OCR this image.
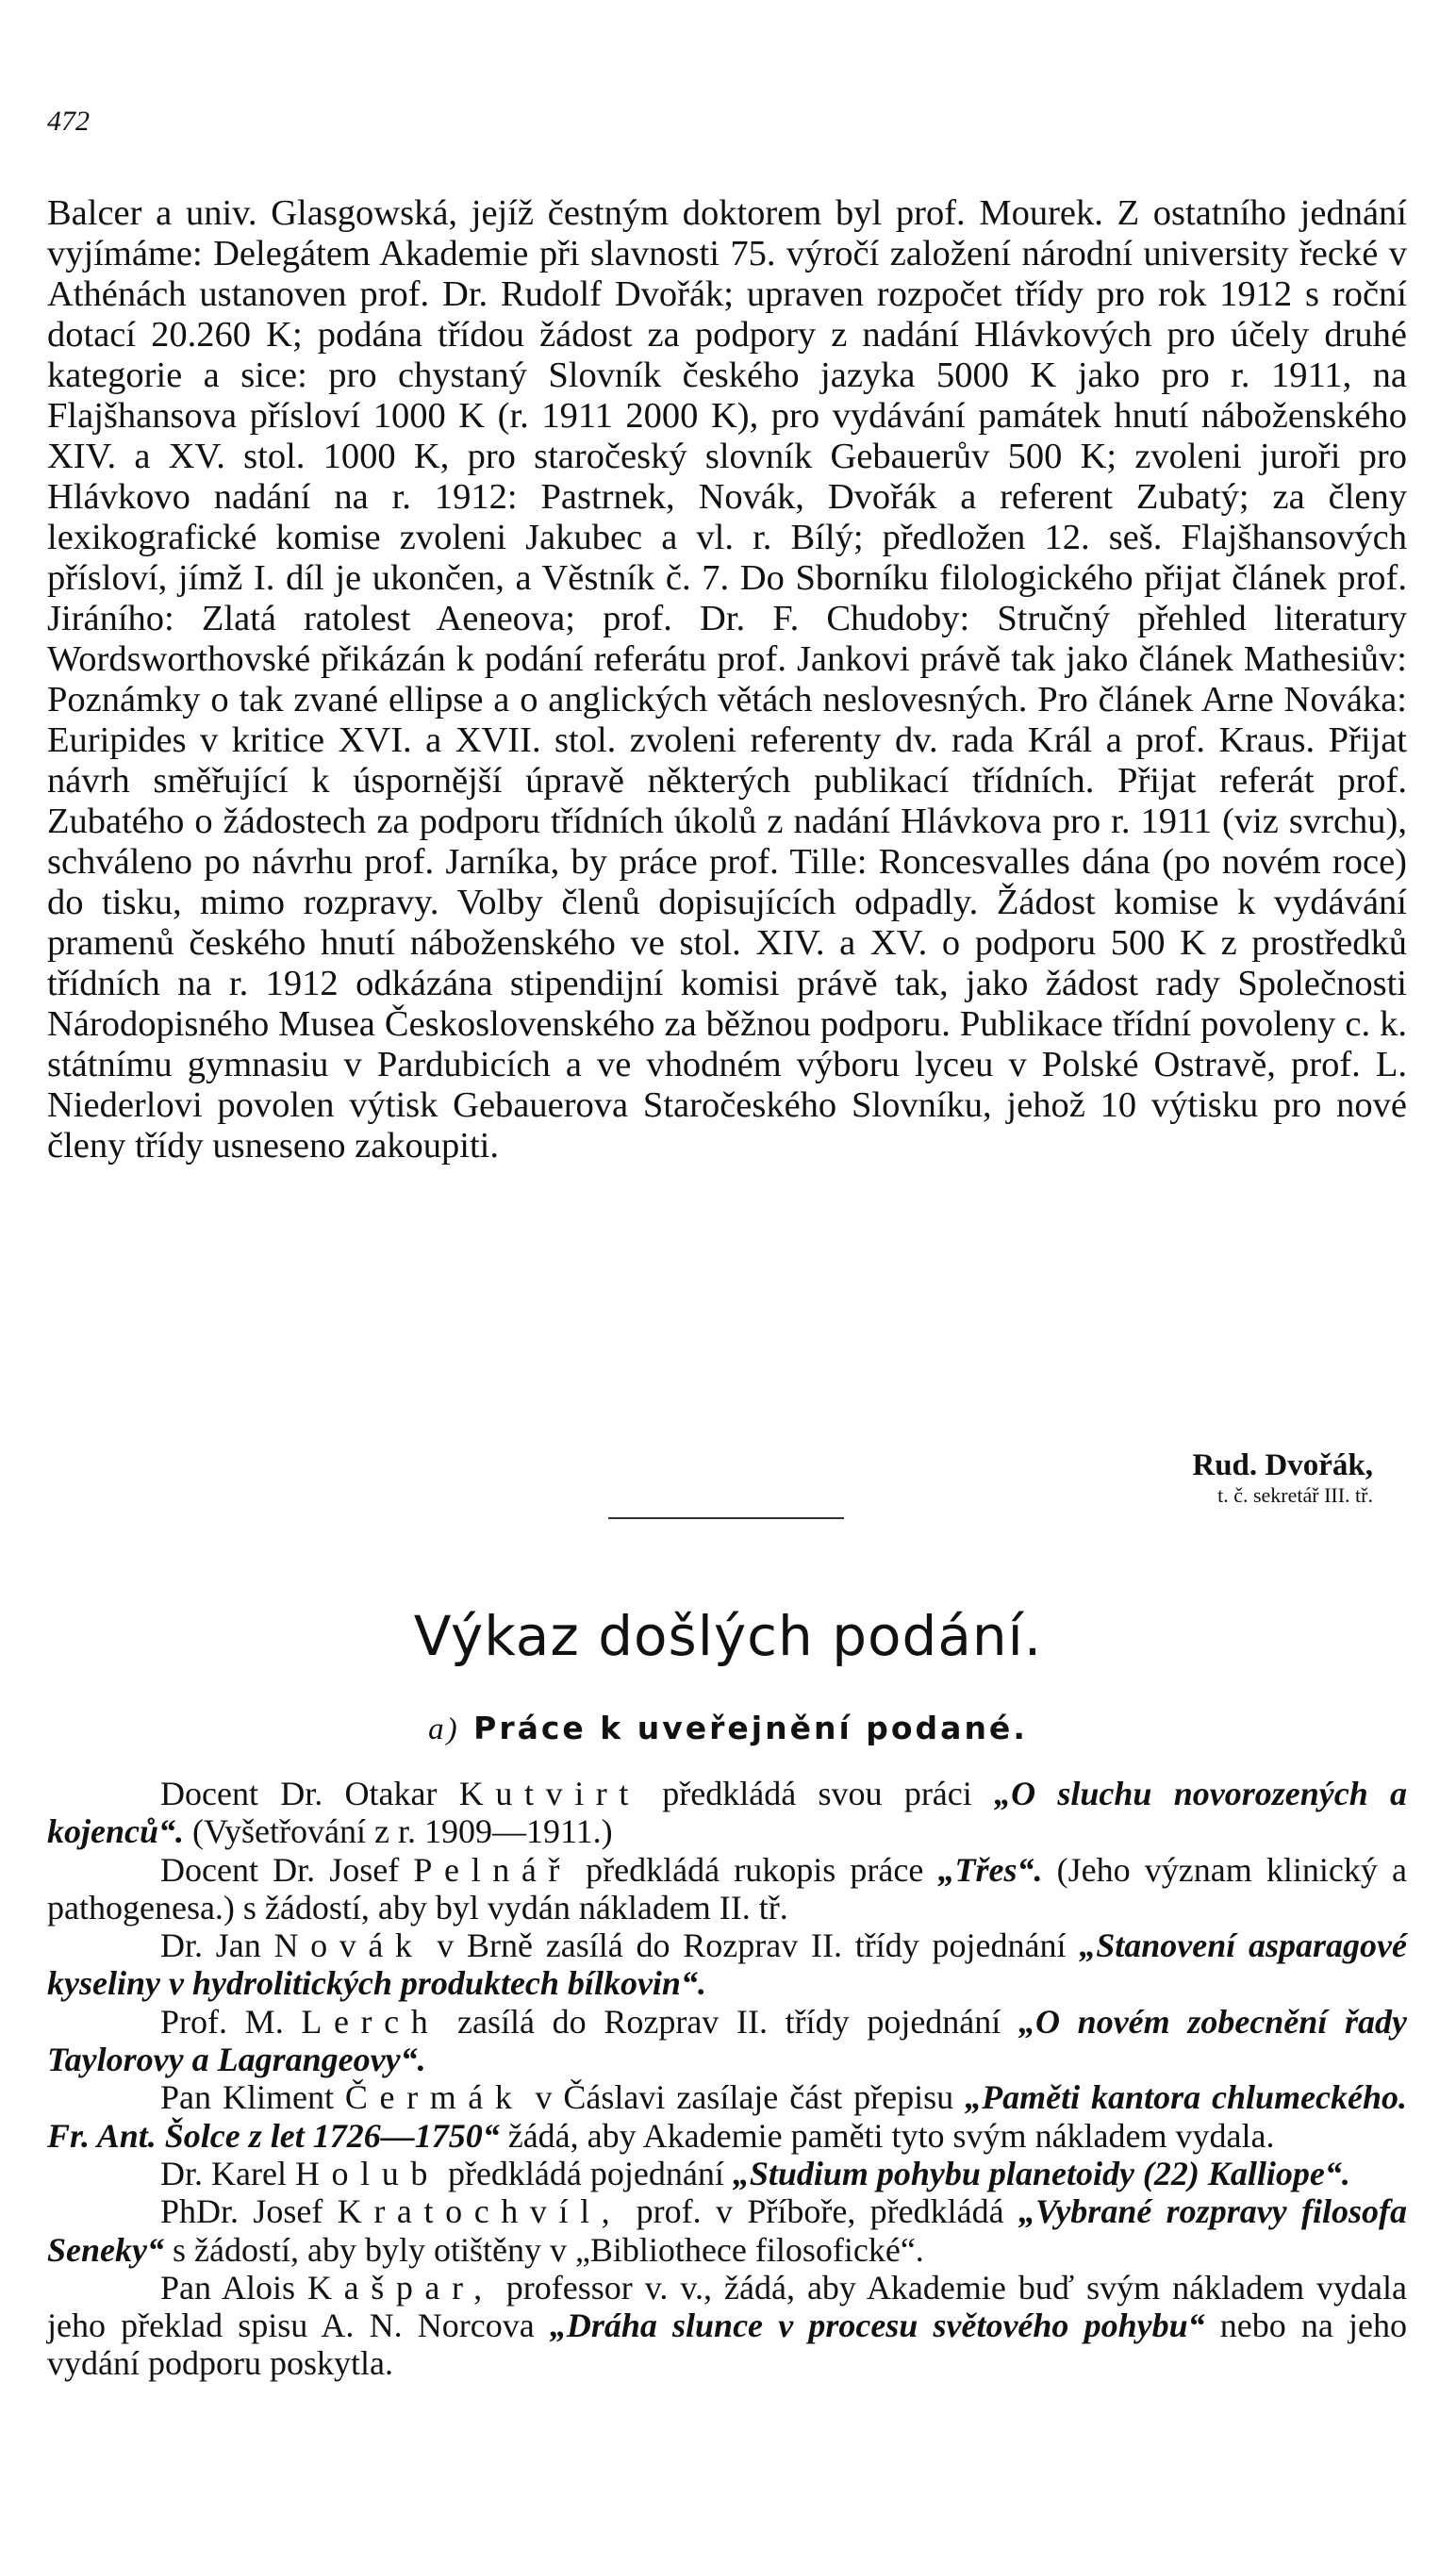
472

Balcer a univ. Glasgowská, jejíž čestným doktorem byl prof. Mourek. Z ostatního jednání vyjímáme: Delegátem Akademie při slavnosti 75. výročí založení národní university řecké v Athénách ustanoven prof. Dr. Rudolf Dvořák; upraven rozpočet třídy pro rok 1912 s roční dotací 20.260 K; podána třídou žádost za podpory z nadání Hlávkových pro účely druhé kategorie a sice: pro chystaný Slovník českého jazyka 5000 K jako pro r. 1911, na Flajšhansova přísloví 1000 K (r. 1911 2000 K), pro vydávání památek hnutí náboženského XIV. a XV. stol. 1000 K, pro staročeský slovník Gebauerův 500 K; zvoleni juroři pro Hlávkovo nadání na r. 1912: Pastrnek, Novák, Dvořák a referent Zubatý; za členy lexikografické komise zvoleni Jakubec a vl. r. Bílý; předložen 12. seš. Flajšhansových přísloví, jímž I. díl je ukončen, a Věstník č. 7. Do Sborníku filologického přijat článek prof. Jiráního: Zlatá ratolest Aeneova; prof. Dr. F. Chudoby: Stručný přehled literatury Wordsworthovské přikázán k podání referátu prof. Jankovi právě tak jako článek Mathesiův: Poznámky o tak zvané ellipse a o anglických větách neslovesných. Pro článek Arne Nováka: Euripides v kritice XVI. a XVII. stol. zvoleni referenty dv. rada Král a prof. Kraus. Přijat návrh směřující k úspornější úpravě některých publikací třídních. Přijat referát prof. Zubatého o žádostech za podporu třídních úkolů z nadání Hlávkova pro r. 1911 (viz svrchu), schváleno po návrhu prof. Jarníka, by práce prof. Tille: Roncesvalles dána (po novém roce) do tisku, mimo rozpravy. Volby členů dopisujících odpadly. Žádost komise k vydávání pramenů českého hnutí náboženského ve stol. XIV. a XV. o podporu 500 K z prostředků třídních na r. 1912 odkázána stipendijní komisi právě tak, jako žádost rady Společnosti Národopisného Musea Československého za běžnou podporu. Publikace třídní povoleny c. k. státnímu gymnasiu v Pardubicích a ve vhodném výboru lyceu v Polské Ostravě, prof. L. Niederlovi povolen výtisk Gebauerova Staročeského Slovníku, jehož 10 výtisku pro nové členy třídy usneseno zakoupiti.

Rud. Dvořák,
t. č. sekretář III. tř.
Výkaz došlých podání.
a) Práce k uveřejnění podané.

Docent Dr. Otakar Kutvirt předkládá svou práci „O sluchu novorozených a kojenců“. (Vyšetřování z r. 1909—1911.)

Docent Dr. Josef Pelnář předkládá rukopis práce „Třes“. (Jeho význam klinický a pathogenesa.) s žádostí, aby byl vydán nákladem II. tř.

Dr. Jan Novák v Brně zasílá do Rozprav II. třídy pojednání „Stanovení asparagové kyseliny v hydrolitických produktech bílkovin“.

Prof. M. Lerch zasílá do Rozprav II. třídy pojednání „O novém zobecnění řady Taylorovy a Lagrangeovy“.

Pan Kliment Čermák v Čáslavi zasílaje část přepisu „Paměti kantora chlumeckého. Fr. Ant. Šolce z let 1726—1750“ žádá, aby Akademie paměti tyto svým nákladem vydala.

Dr. Karel Holub předkládá pojednání „Studium pohybu planetoidy (22) Kalliope“.

PhDr. Josef Kratochvíl, prof. v Příboře, předkládá „Vybrané rozpravy filosofa Seneky“ s žádostí, aby byly otištěny v „Bibliothece filosofické“.

Pan Alois Kašpar, professor v. v., žádá, aby Akademie buď svým nákladem vydala jeho překlad spisu A. N. Norcova „Dráha slunce v procesu světového pohybu“ nebo na jeho vydání podporu poskytla.
